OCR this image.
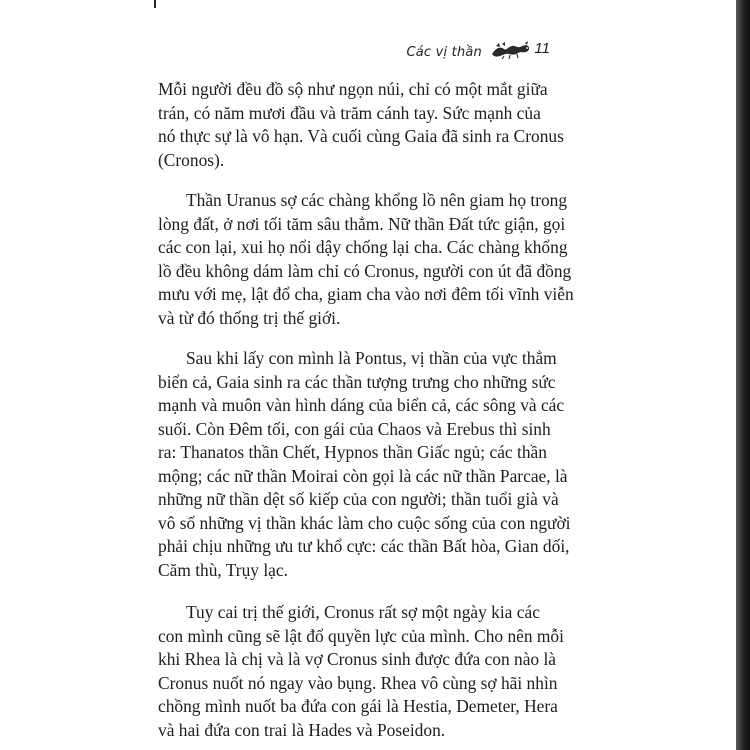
Các vị thần	11
Mỗi người đều đồ sộ như ngọn núi, chỉ có một mắt giữa
trán, có năm mươi đầu và trăm cánh tay. Sức mạnh của
nó thực sự là vô hạn. Và cuối cùng Gaia đã sinh ra Cronus
(Cronos).
Thần Uranus sợ các chàng khổng lồ nên giam họ trong
lòng đất, ở nơi tối tăm sâu thẳm. Nữ thần Đất tức giận, gọi
các con lại, xui họ nổi dậy chống lại cha. Các chàng khổng
lồ đều không dám làm chỉ có Cronus, người con út đã đồng
mưu với mẹ, lật đổ cha, giam cha vào nơi đêm tối vĩnh viễn
và từ đó thống trị thế giới.
Sau khi lấy con mình là Pontus, vị thần của vực thẳm
biển cả, Gaia sinh ra các thần tượng trưng cho những sức
mạnh và muôn vàn hình dáng của biển cả, các sông và các
suối. Còn Đêm tối, con gái của Chaos và Erebus thì sinh
ra: Thanatos thần Chết, Hypnos thần Giấc ngủ; các thần
mộng; các nữ thần Moirai còn gọi là các nữ thần Parcae, là
những nữ thần dệt số kiếp của con người; thần tuổi già và
vô số những vị thần khác làm cho cuộc sống của con người
phải chịu những ưu tư khổ cực: các thần Bất hòa, Gian dối,
Căm thù, Trụy lạc.
Tuy cai trị thế giới, Cronus rất sợ một ngày kia các
con mình cũng sẽ lật đổ quyền lực của mình. Cho nên mỗi
khi Rhea là chị và là vợ Cronus sinh được đứa con nào là
Cronus nuốt nó ngay vào bụng. Rhea vô cùng sợ hãi nhìn
chồng mình nuốt ba đứa con gái là Hestia, Demeter, Hera
và hai đứa con trai là Hades và Poseidon.
